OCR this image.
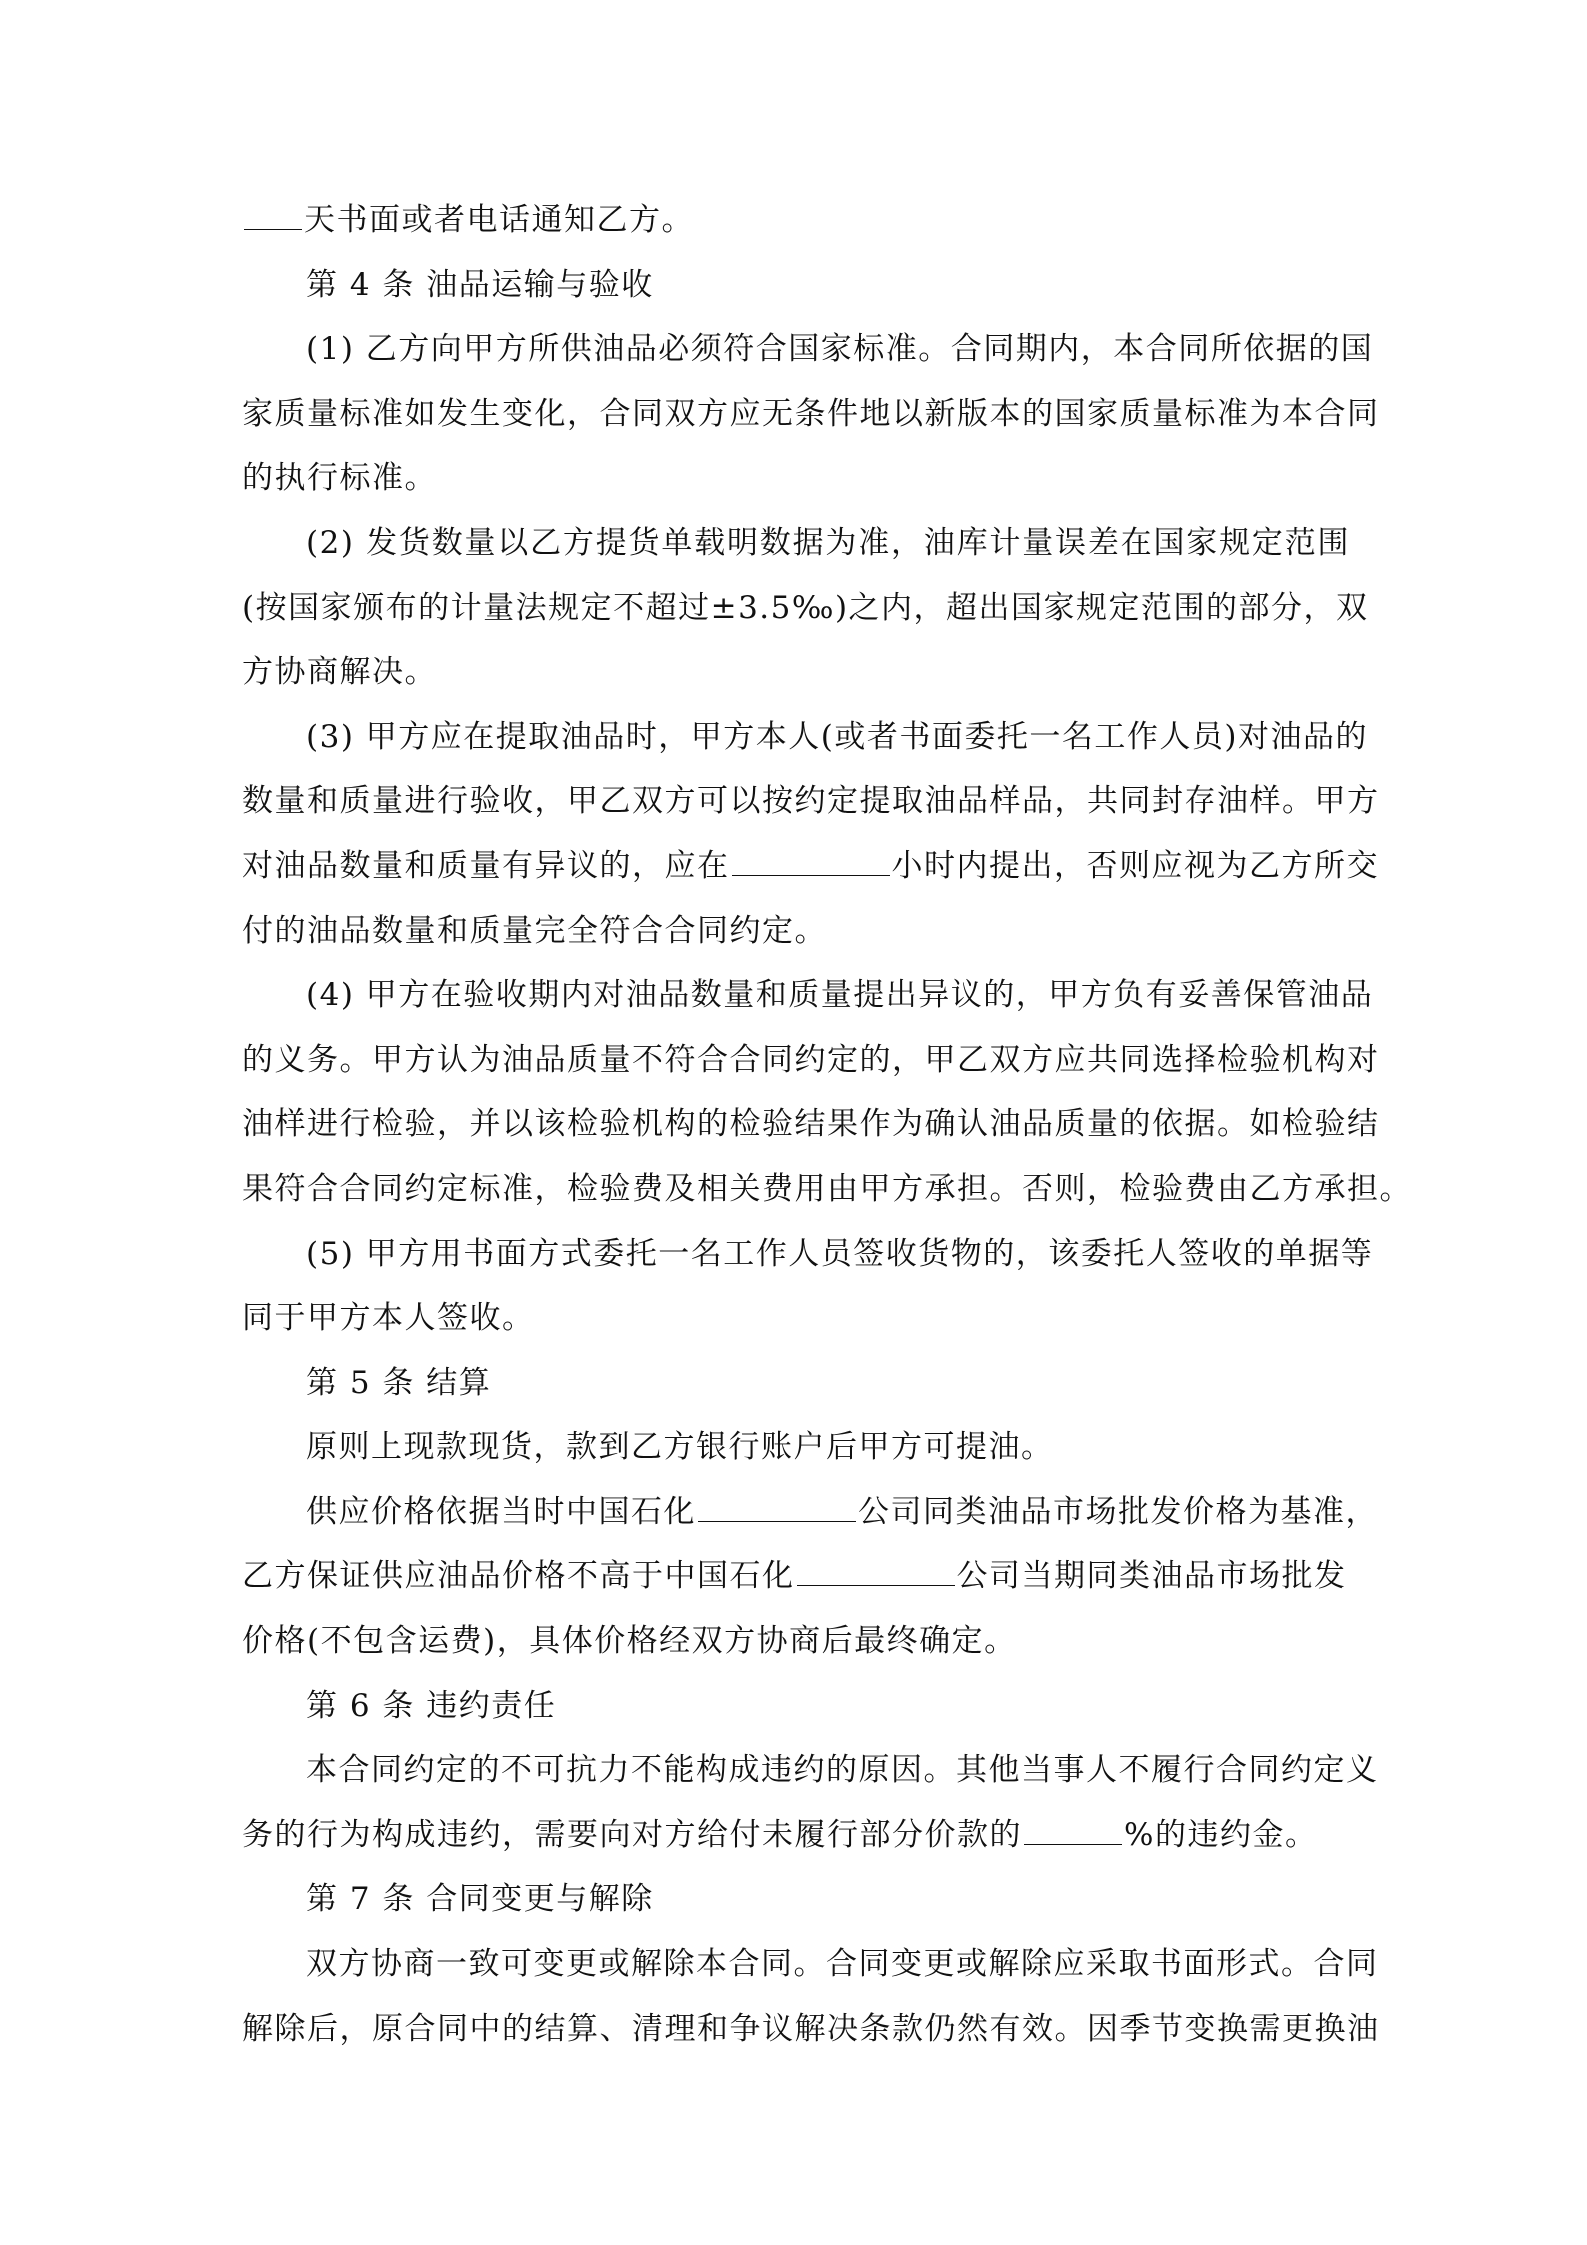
天书面或者电话通知乙方。
第 4 条 油品运输与验收
(1) 乙方向甲方所供油品必须符合国家标准。合同期内，本合同所依据的国
家质量标准如发生变化，合同双方应无条件地以新版本的国家质量标准为本合同
的执行标准。
(2) 发货数量以乙方提货单载明数据为准，油库计量误差在国家规定范围
(按国家颁布的计量法规定不超过±3.5‰)之内，超出国家规定范围的部分，双
方协商解决。
(3) 甲方应在提取油品时，甲方本人(或者书面委托一名工作人员)对油品的
数量和质量进行验收，甲乙双方可以按约定提取油品样品，共同封存油样。甲方
对油品数量和质量有异议的，应在	小时内提出，否则应视为乙方所交
付的油品数量和质量完全符合合同约定。
(4) 甲方在验收期内对油品数量和质量提出异议的，甲方负有妥善保管油品
的义务。甲方认为油品质量不符合合同约定的，甲乙双方应共同选择检验机构对
油样进行检验，并以该检验机构的检验结果作为确认油品质量的依据。如检验结
果符合合同约定标准，检验费及相关费用由甲方承担。否则，检验费由乙方承担。
(5) 甲方用书面方式委托一名工作人员签收货物的，该委托人签收的单据等
同于甲方本人签收。
第 5 条 结算
原则上现款现货，款到乙方银行账户后甲方可提油。
供应价格依据当时中国石化	公司同类油品市场批发价格为基准，
乙方保证供应油品价格不高于中国石化	公司当期同类油品市场批发
价格(不包含运费)，具体价格经双方协商后最终确定。
第 6 条 违约责任
本合同约定的不可抗力不能构成违约的原因。其他当事人不履行合同约定义
务的行为构成违约，需要向对方给付未履行部分价款的	%的违约金。
第 7 条 合同变更与解除
双方协商一致可变更或解除本合同。合同变更或解除应采取书面形式。合同
解除后，原合同中的结算、清理和争议解决条款仍然有效。因季节变换需更换油
